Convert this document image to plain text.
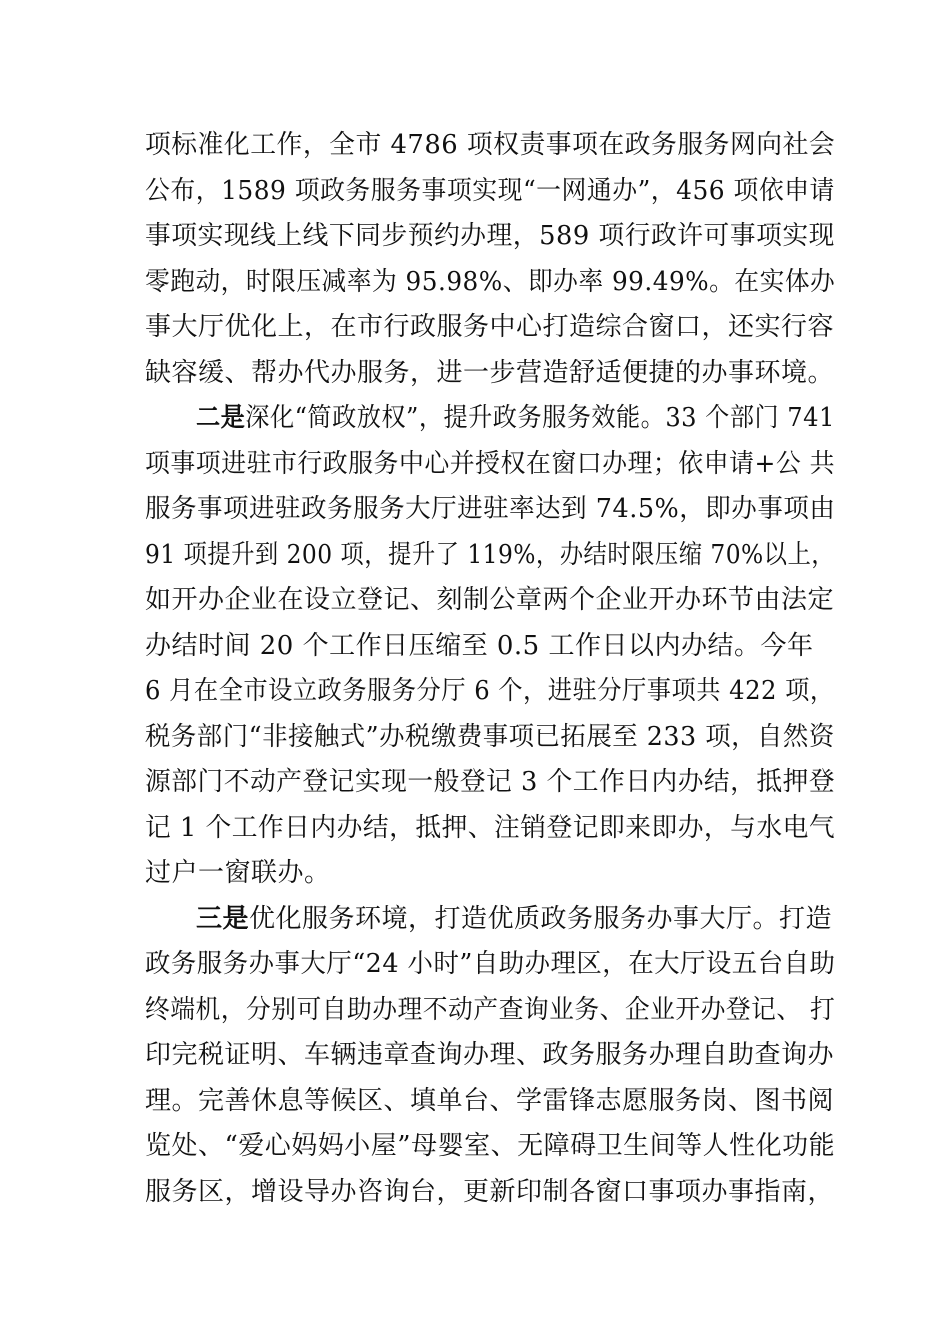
项标准化工作，全市 4786 项权责事项在政务服务网向社会
公布，1589 项政务服务事项实现“一网通办”，456 项依申请
事项实现线上线下同步预约办理，589 项行政许可事项实现
零跑动，时限压减率为 95.98%、即办率 99.49%。在实体办
事大厅优化上，在市行政服务中心打造综合窗口，还实行容
缺容缓、帮办代办服务，进一步营造舒适便捷的办事环境。
二是深化“简政放权”，提升政务服务效能。33 个部门 741
项事项进驻市行政服务中心并授权在窗口办理；依申请+公 共
服务事项进驻政务服务大厅进驻率达到 74.5%，即办事项由
91 项提升到 200 项，提升了 119%，办结时限压缩 70%以上，
如开办企业在设立登记、刻制公章两个企业开办环节由法定
办结时间 20 个工作日压缩至 0.5 工作日以内办结。今年
6 月在全市设立政务服务分厅 6 个，进驻分厅事项共 422 项，
税务部门“非接触式”办税缴费事项已拓展至 233 项，自然资
源部门不动产登记实现一般登记 3 个工作日内办结，抵押登
记 1 个工作日内办结，抵押、注销登记即来即办，与水电气
过户一窗联办。
三是优化服务环境，打造优质政务服务办事大厅。打造
政务服务办事大厅“24 小时”自助办理区，在大厅设五台自助
终端机，分别可自助办理不动产查询业务、企业开办登记、 打
印完税证明、车辆违章查询办理、政务服务办理自助查询办
理。完善休息等候区、填单台、学雷锋志愿服务岗、图书阅
览处、“爱心妈妈小屋”母婴室、无障碍卫生间等人性化功能
服务区，增设导办咨询台，更新印制各窗口事项办事指南，
